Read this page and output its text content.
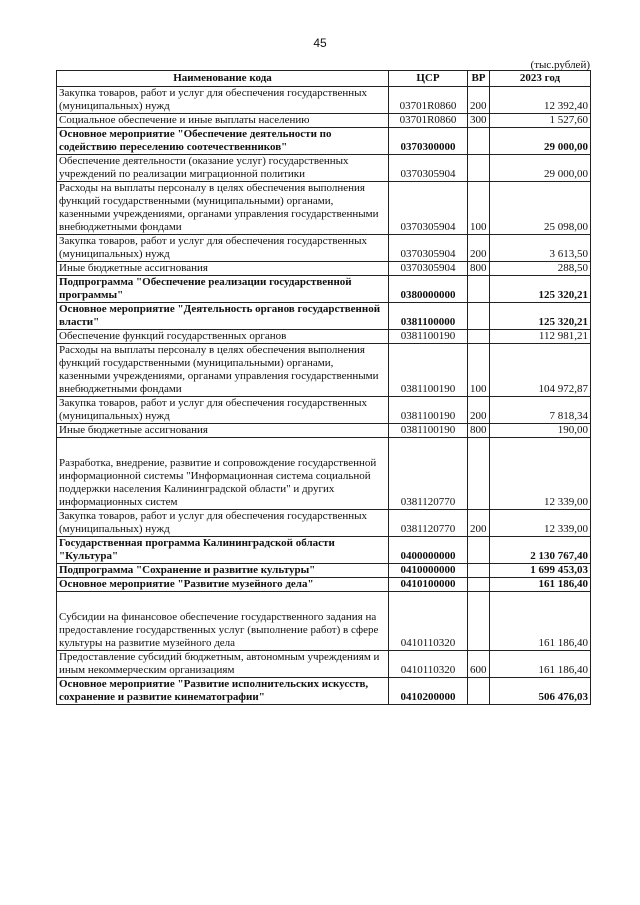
45
(тыс.рублей)
Наименование кода	ЦСР	ВР	2023 год
Закупка товаров, работ и услуг для обеспечения государственных (муниципальных) нужд	03701R0860	200	12 392,40
Социальное обеспечение и иные выплаты населению	03701R0860	300	1 527,60
Основное мероприятие "Обеспечение деятельности по содействию переселению соотечественников"	0370300000		29 000,00
Обеспечение деятельности (оказание услуг) государственных учреждений по реализации миграционной политики	0370305904		29 000,00
Расходы на выплаты персоналу в целях обеспечения выполнения функций государственными (муниципальными) органами, казенными учреждениями, органами управления государственными внебюджетными фондами	0370305904	100	25 098,00
Закупка товаров, работ и услуг для обеспечения государственных (муниципальных) нужд	0370305904	200	3 613,50
Иные бюджетные ассигнования	0370305904	800	288,50
Подпрограмма "Обеспечение реализации государственной программы"	0380000000		125 320,21
Основное мероприятие "Деятельность органов государственной власти"	0381100000		125 320,21
Обеспечение функций государственных органов	0381100190		112 981,21
Расходы на выплаты персоналу в целях обеспечения выполнения функций государственными (муниципальными) органами, казенными учреждениями, органами управления государственными внебюджетными фондами	0381100190	100	104 972,87
Закупка товаров, работ и услуг для обеспечения государственных (муниципальных) нужд	0381100190	200	7 818,34
Иные бюджетные ассигнования	0381100190	800	190,00
Разработка, внедрение, развитие и сопровождение государственной информационной системы "Информационная система социальной поддержки населения Калининградской области" и других информационных систем	0381120770		12 339,00
Закупка товаров, работ и услуг для обеспечения государственных (муниципальных) нужд	0381120770	200	12 339,00
Государственная программа Калининградской области "Культура"	0400000000		2 130 767,40
Подпрограмма "Сохранение и развитие культуры"	0410000000		1 699 453,03
Основное мероприятие "Развитие музейного дела"	0410100000		161 186,40
Субсидии на финансовое обеспечение государственного задания на предоставление государственных услуг (выполнение работ) в сфере культуры на развитие музейного дела	0410110320		161 186,40
Предоставление субсидий бюджетным, автономным учреждениям и иным некоммерческим организациям	0410110320	600	161 186,40
Основное мероприятие "Развитие исполнительских искусств, сохранение и развитие кинематографии"	0410200000		506 476,03
